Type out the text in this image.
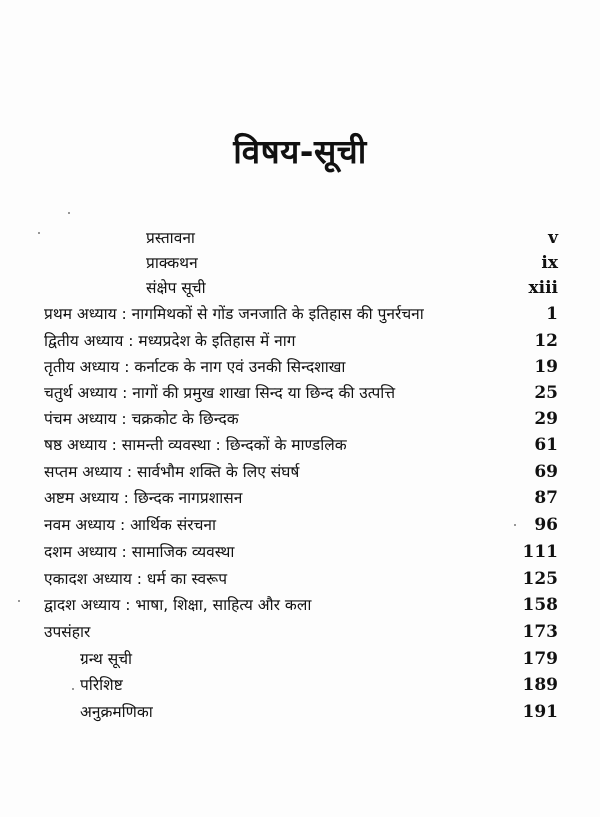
विषय-सूची
प्रस्तावना	v
प्राक्कथन	ix
संक्षेप सूची	xiii
प्रथम अध्याय : नागमिथकों से गोंड जनजाति के इतिहास की पुनर्रचना	1
द्वितीय अध्याय : मध्यप्रदेश के इतिहास में नाग	12
तृतीय अध्याय : कर्नाटक के नाग एवं उनकी सिन्दशाखा	19
चतुर्थ अध्याय : नागों की प्रमुख शाखा सिन्द या छिन्द की उत्पत्ति	25
पंचम अध्याय : चक्रकोट के छिन्दक	29
षष्ठ अध्याय : सामन्ती व्यवस्था : छिन्दकों के माण्डलिक	61
सप्तम अध्याय : सार्वभौम शक्ति के लिए संघर्ष	69
अष्टम अध्याय : छिन्दक नागप्रशासन	87
नवम अध्याय : आर्थिक संरचना	96
दशम अध्याय : सामाजिक व्यवस्था	111
एकादश अध्याय : धर्म का स्वरूप	125
द्वादश अध्याय : भाषा, शिक्षा, साहित्य और कला	158
उपसंहार	173
ग्रन्थ सूची	179
परिशिष्ट	189
अनुक्रमणिका	191
